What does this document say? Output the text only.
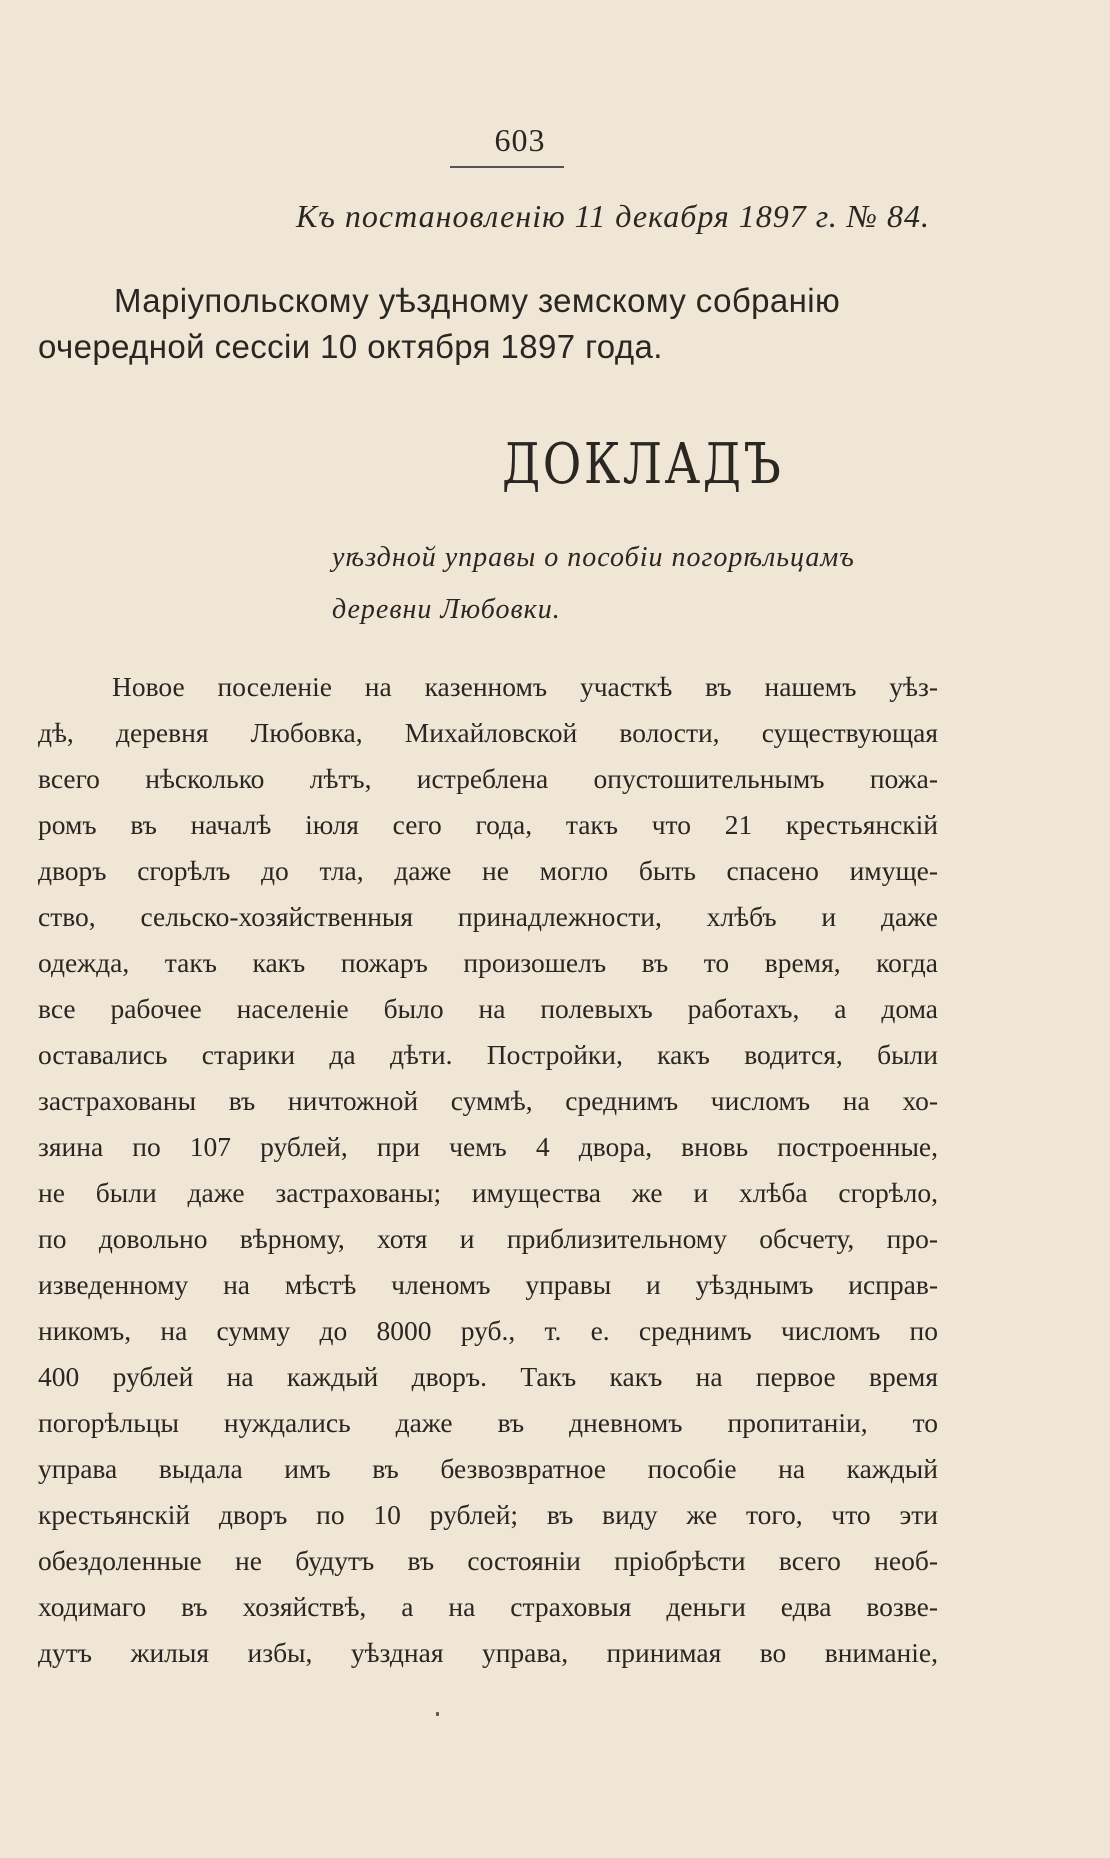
603
Къ постановленію 11 декабря 1897 г. № 84.
Маріупольскому уѣздному земскому собранію
очередной сессіи 10 октября 1897 года.
ДОКЛАДЪ
уѣздной управы о пособіи погорѣльцамъ
деревни Любовки.
Новое поселеніе на казенномъ участкѣ въ нашемъ уѣз-
дѣ, деревня Любовка, Михайловской волости, существующая
всего нѣсколько лѣтъ, истреблена опустошительнымъ пожа-
ромъ въ началѣ іюля сего года, такъ что 21 крестьянскій
дворъ сгорѣлъ до тла, даже не могло быть спасено имуще-
ство, сельско-хозяйственныя принадлежности, хлѣбъ и даже
одежда, такъ какъ пожаръ произошелъ въ то время, когда
все рабочее населеніе было на полевыхъ работахъ, а дома
оставались старики да дѣти. Постройки, какъ водится, были
застрахованы въ ничтожной суммѣ, среднимъ числомъ на хо-
зяина по 107 рублей, при чемъ 4 двора, вновь построенные,
не были даже застрахованы; имущества же и хлѣба сгорѣло,
по довольно вѣрному, хотя и приблизительному обсчету, про-
изведенному на мѣстѣ членомъ управы и уѣзднымъ исправ-
никомъ, на сумму до 8000 руб., т. е. среднимъ числомъ по
400 рублей на каждый дворъ. Такъ какъ на первое время
погорѣльцы нуждались даже въ дневномъ пропитаніи, то
управа выдала имъ въ безвозвратное пособіе на каждый
крестьянскій дворъ по 10 рублей; въ виду же того, что эти
обездоленные не будутъ въ состояніи пріобрѣсти всего необ-
ходимаго въ хозяйствѣ, а на страховыя деньги едва возве-
дутъ жилыя избы, уѣздная управа, принимая во вниманіе,
